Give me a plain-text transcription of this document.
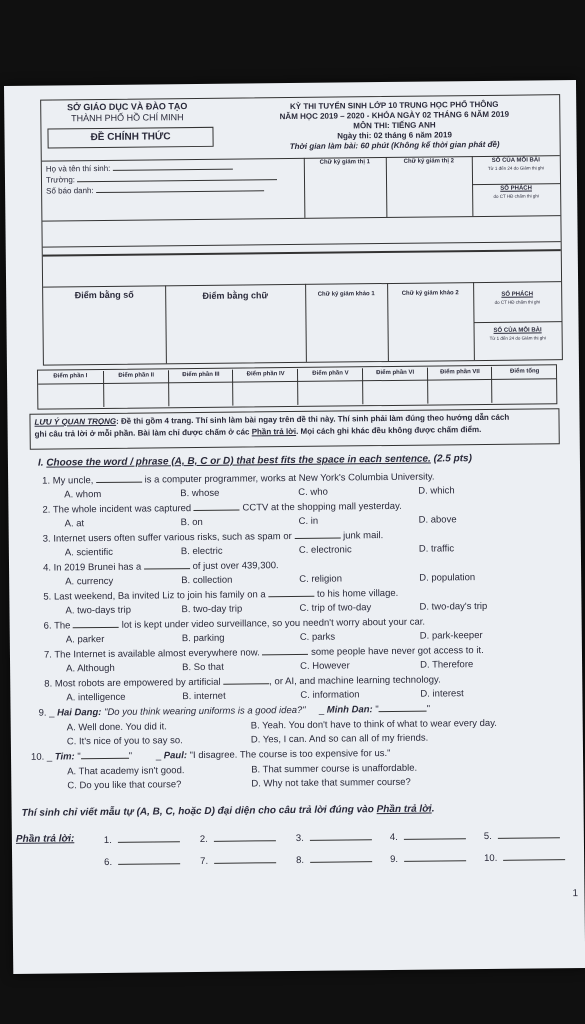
SỞ GIÁO DỤC VÀ ĐÀO TẠO
THÀNH PHỐ HỒ CHÍ MINH
ĐỀ CHÍNH THỨC
KỲ THI TUYỂN SINH LỚP 10 TRUNG HỌC PHỔ THÔNG
NĂM HỌC 2019 – 2020 - KHÓA NGÀY 02 THÁNG 6 NĂM 2019
MÔN THI: TIẾNG ANH
Ngày thi: 02 tháng 6 năm 2019
Thời gian làm bài: 60 phút (Không kể thời gian phát đề)
Họ và tên thí sinh:
Trường:
Số báo danh:
Chữ ký giám thị 1	Chữ ký giám thị 2	SỐ CỦA MỖI BÀI
Từ 1 đến 24 do Giám thị ghi
SỐ PHÁCH
do CT HĐ chấm thi ghi
Điểm bằng số	Điểm bằng chữ	Chữ ký giám khảo 1	Chữ ký giám khảo 2	SỐ PHÁCH
do CT HĐ chấm thi ghi
SỐ CỦA MỖI BÀI
Từ 1 đến 24 do Giám thị ghi
Điểm phần I	Điểm phần II	Điểm phần III	Điểm phần IV	Điểm phần V	Điểm phần VI	Điểm phần VII	Điểm tổng
LƯU Ý QUAN TRỌNG: Đề thi gồm 4 trang. Thí sinh làm bài ngay trên đề thi này. Thí sinh phải làm đúng theo hướng dẫn cách
ghi câu trả lời ở mỗi phần. Bài làm chỉ được chấm ở các Phần trả lời. Mọi cách ghi khác đều không được chấm điểm.
I. Choose the word / phrase (A, B, C or D) that best fits the space in each sentence. (2.5 pts)
1. My uncle,	is a computer programmer, works at New York's Columbia University.
A. whom	B. whose	C. who	D. which
2. The whole incident was captured	CCTV at the shopping mall yesterday.
A. at	B. on	C. in	D. above
3. Internet users often suffer various risks, such as spam or	junk mail.
A. scientific	B. electric	C. electronic	D. traffic
4. In 2019 Brunei has a	of just over 439,300.
A. currency	B. collection	C. religion	D. population
5. Last weekend, Ba invited Liz to join his family on a	to his home village.
A. two-days trip	B. two-day trip	C. trip of two-day	D. two-day's trip
6. The	lot is kept under video surveillance, so you needn't worry about your car.
A. parker	B. parking	C. parks	D. park-keeper
7. The Internet is available almost everywhere now.	some people have never got access to it.
A. Although	B. So that	C. However	D. Therefore
8. Most robots are empowered by artificial	, or AI, and machine learning technology.
A. intelligence	B. internet	C. information	D. interest
9. _ Hai Dang: "Do you think wearing uniforms is a good idea?"     _ Minh Dan: "	"
A. Well done. You did it.	B. Yeah. You don't have to think of what to wear every day.
C. It's nice of you to say so.	D. Yes, I can. And so can all of my friends.
10. _ Tim: "	"         _ Paul: "I disagree. The course is too expensive for us."
A. That academy isn't good.	B. That summer course is unaffordable.
C. Do you like that course?	D. Why not take that summer course?
Thí sinh chỉ viết mẫu tự (A, B, C, hoặc D) đại diện cho câu trả lời đúng vào Phần trả lời.
Phần trả lời:	1.	2.	3.	4.	5.
6.	7.	8.	9.	10.
1
